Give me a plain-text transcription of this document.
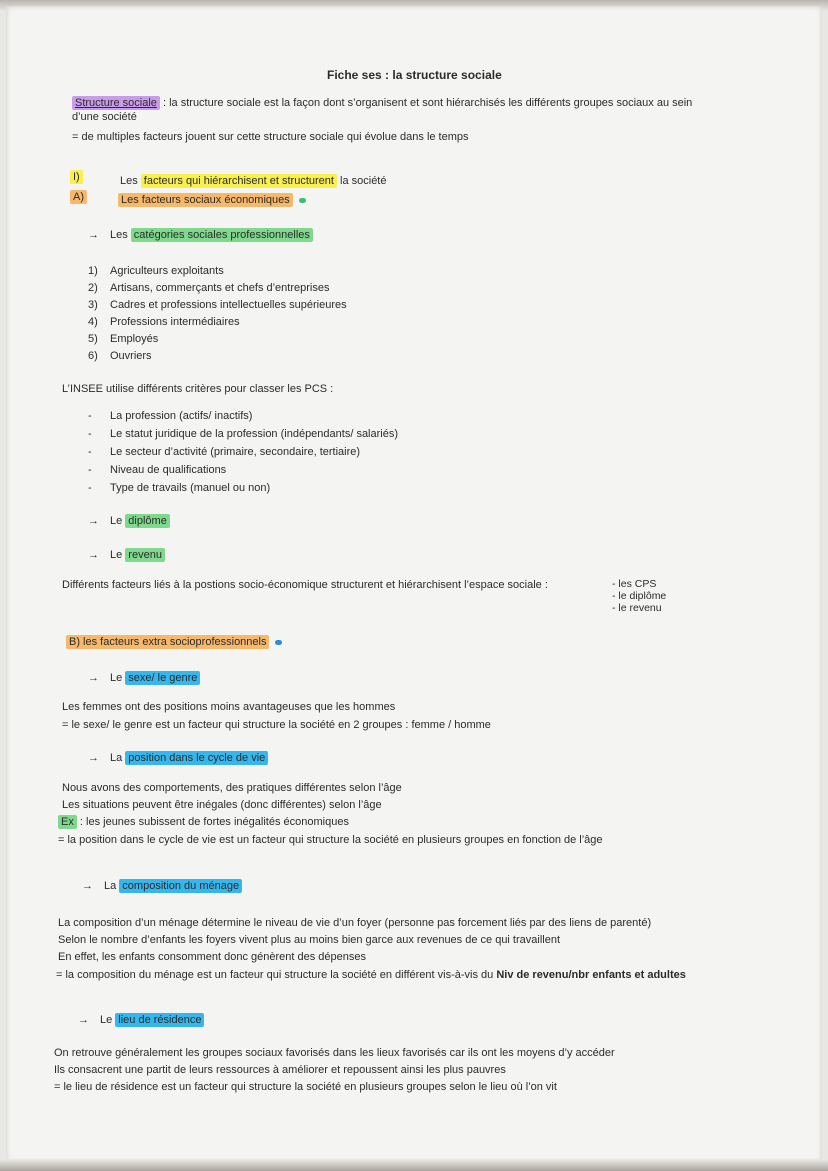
Fiche ses : la structure sociale
Structure sociale : la structure sociale est la façon dont s’organisent et sont hiérarchisés les différents groupes sociaux au sein
d’une société
= de multiples facteurs jouent sur cette structure sociale qui évolue dans le temps
I)	Les facteurs qui hiérarchisent et structurent la société
A)	Les facteurs sociaux économiques
→ Les catégories sociales professionnelles
1) Agriculteurs exploitants
2) Artisans, commerçants et chefs d’entreprises
3) Cadres et professions intellectuelles supérieures
4) Professions intermédiaires
5) Employés
6) Ouvriers
L’INSEE utilise différents critères pour classer les PCS :
- La profession (actifs/ inactifs)
- Le statut juridique de la profession (indépendants/ salariés)
- Le secteur d’activité (primaire, secondaire, tertiaire)
- Niveau de qualifications
- Type de travails (manuel ou non)
→ Le diplôme
→ Le revenu
Différents facteurs liés à la postions socio-économique structurent et hiérarchisent l’espace sociale :	- les CPS
- le diplôme
- le revenu
B) les facteurs extra socioprofessionnels
→ Le sexe/ le genre
Les femmes ont des positions moins avantageuses que les hommes
= le sexe/ le genre est un facteur qui structure la société en 2 groupes : femme / homme
→ La position dans le cycle de vie
Nous avons des comportements, des pratiques différentes selon l’âge
Les situations peuvent être inégales (donc différentes) selon l’âge
Ex : les jeunes subissent de fortes inégalités économiques
= la position dans le cycle de vie est un facteur qui structure la société en plusieurs groupes en fonction de l’âge
→ La composition du ménage
La composition d’un ménage détermine le niveau de vie d’un foyer (personne pas forcement liés par des liens de parenté)
Selon le nombre d’enfants les foyers vivent plus au moins bien garce aux revenues de ce qui travaillent
En effet, les enfants consomment donc génèrent des dépenses
= la composition du ménage est un facteur qui structure la société en différent vis-à-vis du Niv de revenu/nbr enfants et adultes
→ Le lieu de résidence
On retrouve généralement les groupes sociaux favorisés dans les lieux favorisés car ils ont les moyens d’y accéder
Ils consacrent une partit de leurs ressources à améliorer et repoussent ainsi les plus pauvres
= le lieu de résidence est un facteur qui structure la société en plusieurs groupes selon le lieu où l’on vit
